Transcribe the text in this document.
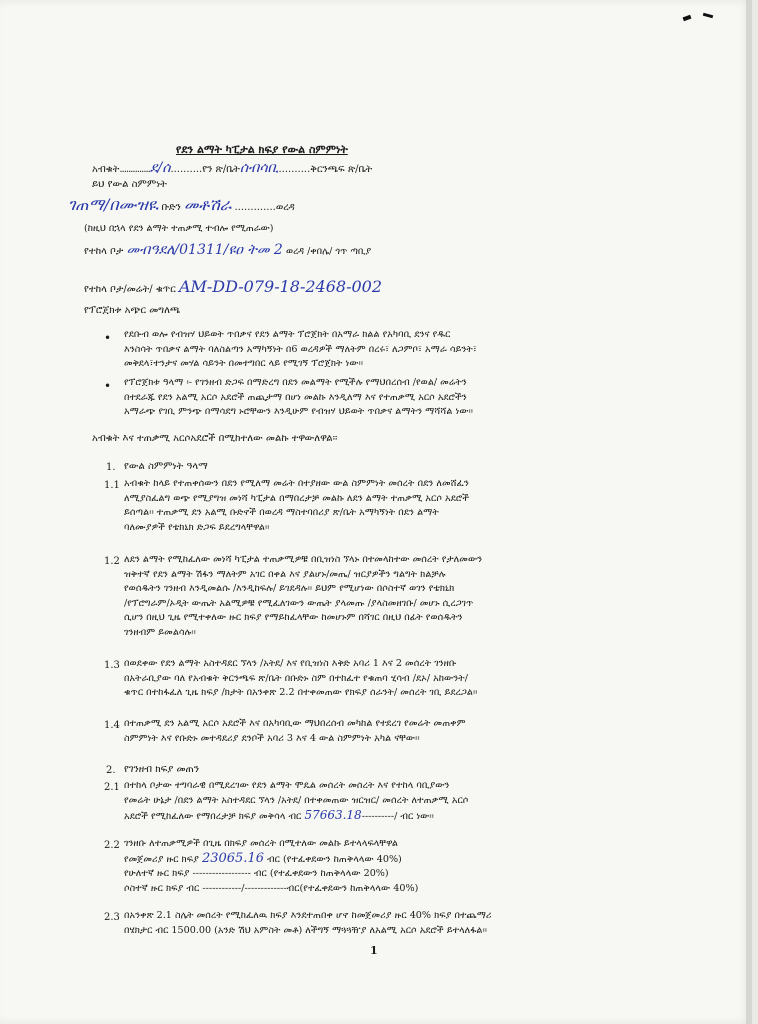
የደን ልማት ካፒታል ክፍያ የውል ስምምነት
አብቁት..............ደ/ሰ..........የን ጽ/ቤትሰብሳቢ..........ቅርንጫፍ ጽ/ቤት
ይህ የውል ስምምነት
ገጠማ/በሙዝዪ ቡድን መቶሽራ .............ወረዳ
(ከዚህ በኋላ የደን ልማት ተጠቃሚ ተብሎ የሚጠራው)
የተከላ ቦታ መብዓደለ/01311/ዩዐ ትመ 2 ወረዳ /ቀበሌ/ ጎጥ ጣቢያ
የተከላ ቦታ/መሬት/ ቁጥር AM-DD-079-18-2468-002
የፕሮጀክቱ አጭር መግለጫ
• የደቡብ ወሎ የብዝሃ ህይወት ጥበቃና የደን ልማት ፕሮጀክት በአማራ ክልል የአካባቢ ደንና የዱር
እንስሳት ጥበቃና ልማት ባለስልጣን አማካኝነት በ6 ወረዳዎች ማለትም በረሩ፣ ለጋምቦ፣ አማራ ሳይንት፣
መቅደላ፣ተንታና መሃል ሳይንት በመተግበር ላይ የሚገኝ ፕሮጀክት ነው፡፡
• የፕሮጀክቱ ዓላማ ፡- የገንዘብ ድጋፍ በማድረግ በደን መልማት የሚችሉ የማህበረሰብ /የወል/ መሬትን
በተደራጁ የደን አልሚ አርሶ አደሮች ጠጪታማ በሆነ መልኩ እንዲለማ እና የተጠቃሚ አርሶ አደሮችን
አማራጭ የገቢ ምንጭ በማሳደግ ኑሮቸውን እንዲሁም የብዝሃ ህይወት ጥበቃና ልማትን ማሻሻል ነው፡፡
አብቁት እና ተጠቃሚ አርሶአደሮች በሚከተለው መልኩ ተዋውለዋል፡፡
1. የውል ስምምነት ዓላማ
1.1 አብቁት ከላይ የተጠቀሰውን በደን የሚለማ መሬት በተያዘው ውል ስምምነት መሰረት በደን ለመሸፈን
ለሚያስፈልግ ወጭ የሚያግዝ መነሻ ካፒታል በማበረታቻ መልኩ ለደን ልማት ተጠቃሚ አርሶ አደሮች
ይሰጣል፡፡ ተጠቃሚ ደን አልሚ ቡድኖች በወረዳ ማስተባበሪያ ጽ/ቤት አማካኝነት በደን ልማት
ባለሙያዎች የቴክኒክ ድጋፍ ይደረግላቸዋል፡፡
1.2 ለደን ልማት የሚከፈለው መነሻ ካፒታል ተጠቃሚዎቹ በቢዝነስ ኘላኑ በተመላከተው መሰረት የታለመውን
ዝቅተኛ የደን ልማት ሽፋን ማለትም አገር በቀል እና ያልሆኑ/መጤ/ ዝርያዎችን ግልግት ክልቻሉ
የወሰዱትን ገንዘብ እንዲመልሱ /እንዲከፍሉ/ ይገደዳሉ፡፡ ይህም የሚሆነው በሶስተኛ ወገን የቴክኒክ
/የፕሮግራም/ኦዲት ውጤት አልሚዎቹ የሚፈለገውን ውጤት ያላመጡ /ያላስመዘገቡ/ መሆኑ ሲረጋገጥ
ሲሆን በዚህ ጊዜ የሚተቀለው ዙር ክፍያ የማይከፈላቸው ከመሆኑም በሻገር በዚህ በፊት የወሰዱትን
ገንዘብም ይመልሳሉ፡፡
1.3 በወደቀው የደን ልማት አስተዳደር ኘላን /አትደ/ እና የቢዝነስ እቅድ አባሪ 1 እና 2 መሰረት ገንዘቡ
በአትራቢያው ባለ የአብቁት ቅርንጫፍ ጽ/ቤት በቡድኑ ስም በተከፈተ የቁጠባ ሂሳብ /ደኦ/ አከውንት/
ቁጥር በተከፋፈለ ጊዜ ክፍያ /ክታት በአንቀጽ 2.2 በተቀመጠው የክፍያ ሰራንት/ መሰረት ገቢ ይደረጋል፡፡
1.4 በተጠቃሚ ደን አልሚ አርሶ አደሮች እና በአካባቢው ማህበረሰብ መካከል የተደረገ የመሬት መጠቀም
ስምምነት እና የቡድኑ መተዳደሪያ ደንቦች አባሪ 3 እና 4 ውል ስምምነት አካል ናቸው፡፡
2. የገንዘብ ክፍያ መጠን
2.1 በተከላ ቦታው ተግባራዊ በሚደረገው የደን ልማት ሞዴል መሰረት መሰረት እና የተከላ ባቢያውን
የመሬት ሁኔታ /በደን ልማት አስተዳደር ኘላን /አትደ/ በተቀመጠው ዝርዝር/ መሰረት ለተጠቃሚ አርሶ
አደሮች የሚከፈለው የማበረታቻ ክፍያ መቅሳላ ብር 57663.18----------/ ብር ነው፡፡
2.2 ገንዘቡ ለተጠቃሚዎች በጊዜ በክፍያ መሰረት በሚተለው መልኩ ይተላላፍላቸዋል
የመጀመሪያ ዙር ክፍያ 23065.16 ብር (የተፈቀደውን ከጠቅላላው 40%)
የሁለተኛ ዙር ክፍያ ------------------ ብር (የተፈቀደውን ከጠቅላላው 20%)
ሶስተኛ ዙር ክፍያ ብር ------------/-------------ብር(የተፈቀደውን ከጠቅላላው 40%)
2.3 በአንቀጽ 2.1 ስሌት መሰረት የሚከፈለዉ ክፍያ እንደተጠበቀ ሆኖ ከመጀመሪያ ዙር 40% ክፍያ በተጨማሪ
በሄክታር ብር 1500.00 (አንድ ሽህ አምስት መቶ) ለችግኝ ማጓጓዥያ ለአልሚ አርሶ አደሮች ይተላለፋል፡፡
1
